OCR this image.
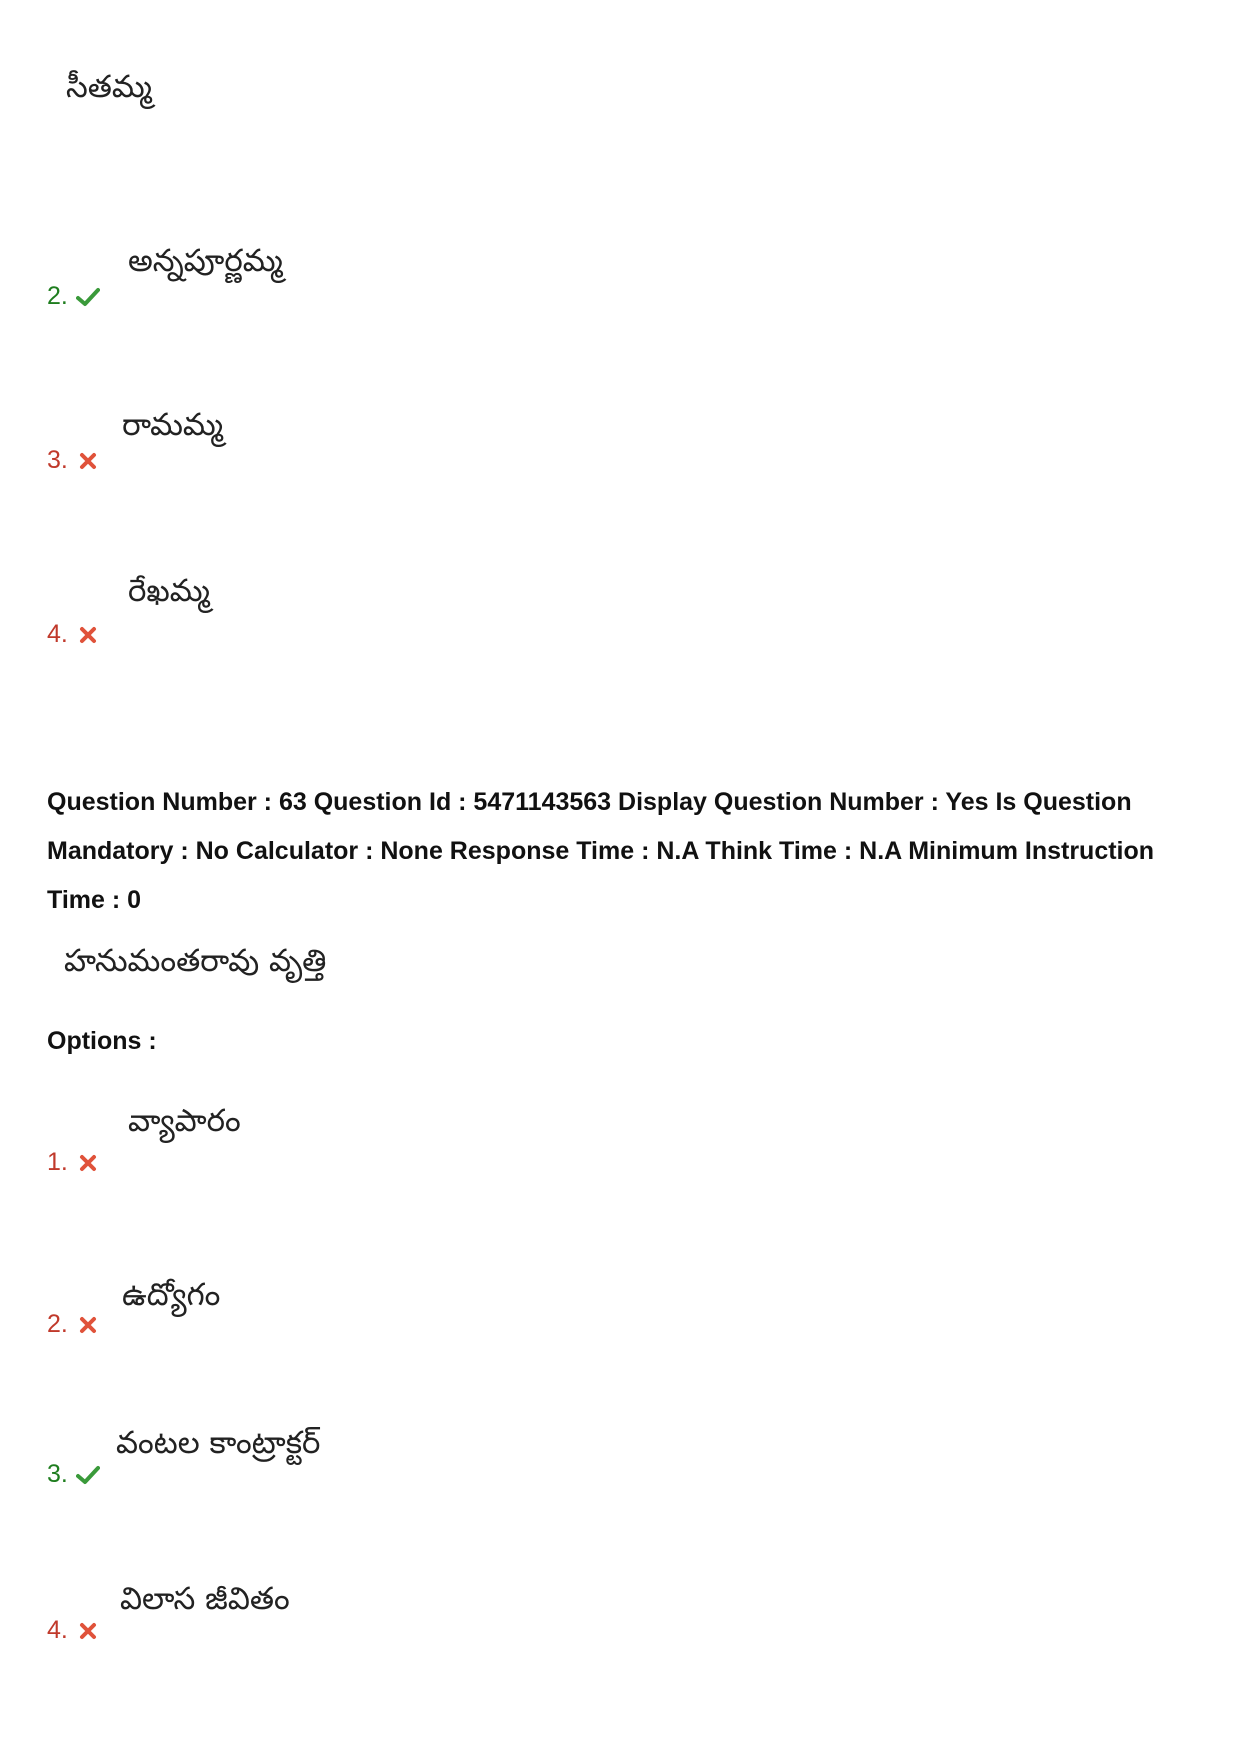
సీతమ్మ
అన్నపూర్ణమ్మ
2.
రామమ్మ
3.
రేఖమ్మ
4.
Question Number : 63 Question Id : 5471143563 Display Question Number : Yes Is Question Mandatory : No Calculator : None Response Time : N.A Think Time : N.A Minimum Instruction Time : 0
హనుమంతరావు వృత్తి
Options :
వ్యాపారం
1.
ఉద్యోగం
2.
వంటల కాంట్రాక్టర్
3.
విలాస జీవితం
4.
